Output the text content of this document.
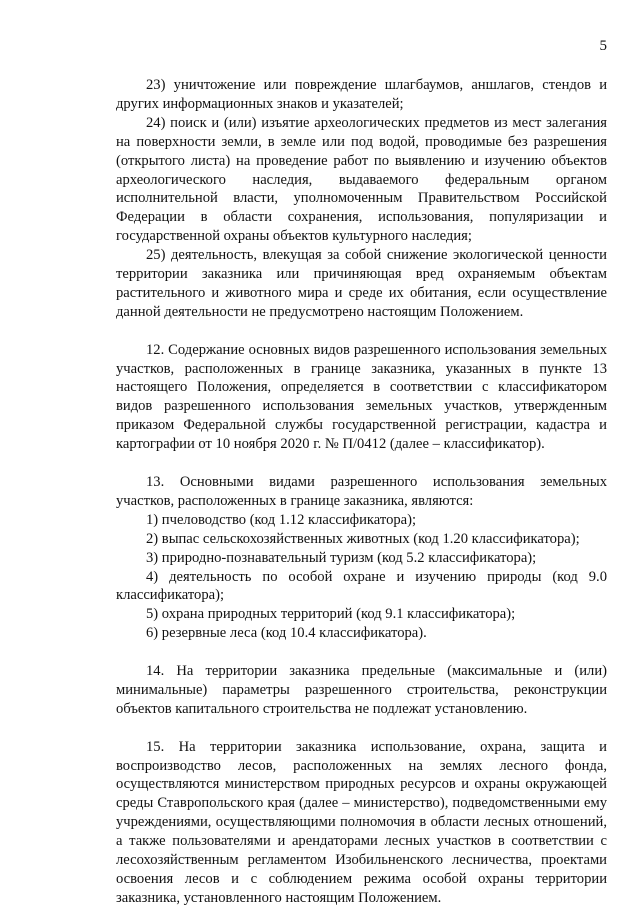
5

23) уничтожение или повреждение шлагбаумов, аншлагов, стендов и других информационных знаков и указателей;

24) поиск и (или) изъятие археологических предметов из мест залегания на поверхности земли, в земле или под водой, проводимые без разрешения (открытого листа) на проведение работ по выявлению и изучению объектов археологического наследия, выдаваемого федеральным органом исполнительной власти, уполномоченным Правительством Российской Федерации в области сохранения, использования, популяризации и государственной охраны объектов культурного наследия;

25) деятельность, влекущая за собой снижение экологической ценности территории заказника или причиняющая вред охраняемым объектам растительного и животного мира и среде их обитания, если осуществление данной деятельности не предусмотрено настоящим Положением.

12. Содержание основных видов разрешенного использования земельных участков, расположенных в границе заказника, указанных в пункте 13 настоящего Положения, определяется в соответствии с классификатором видов разрешенного использования земельных участков, утвержденным приказом Федеральной службы государственной регистрации, кадастра и картографии от 10 ноября 2020 г. № П/0412 (далее – классификатор).

13. Основными видами разрешенного использования земельных участков, расположенных в границе заказника, являются:

1) пчеловодство (код 1.12 классификатора);

2) выпас сельскохозяйственных животных (код 1.20 классификатора);

3) природно-познавательный туризм (код 5.2 классификатора);

4) деятельность по особой охране и изучению природы (код 9.0 классификатора);

5) охрана природных территорий (код 9.1 классификатора);

6) резервные леса (код 10.4 классификатора).

14. На территории заказника предельные (максимальные и (или) минимальные) параметры разрешенного строительства, реконструкции объектов капитального строительства не подлежат установлению.

15. На территории заказника использование, охрана, защита и воспроизводство лесов, расположенных на землях лесного фонда, осуществляются министерством природных ресурсов и охраны окружающей среды Ставропольского края (далее – министерство), подведомственными ему учреждениями, осуществляющими полномочия в области лесных отношений, а также пользователями и арендаторами лесных участков в соответствии с лесохозяйственным регламентом Изобильненского лесничества, проектами освоения лесов и с соблюдением режима особой охраны территории заказника, установленного настоящим Положением.
